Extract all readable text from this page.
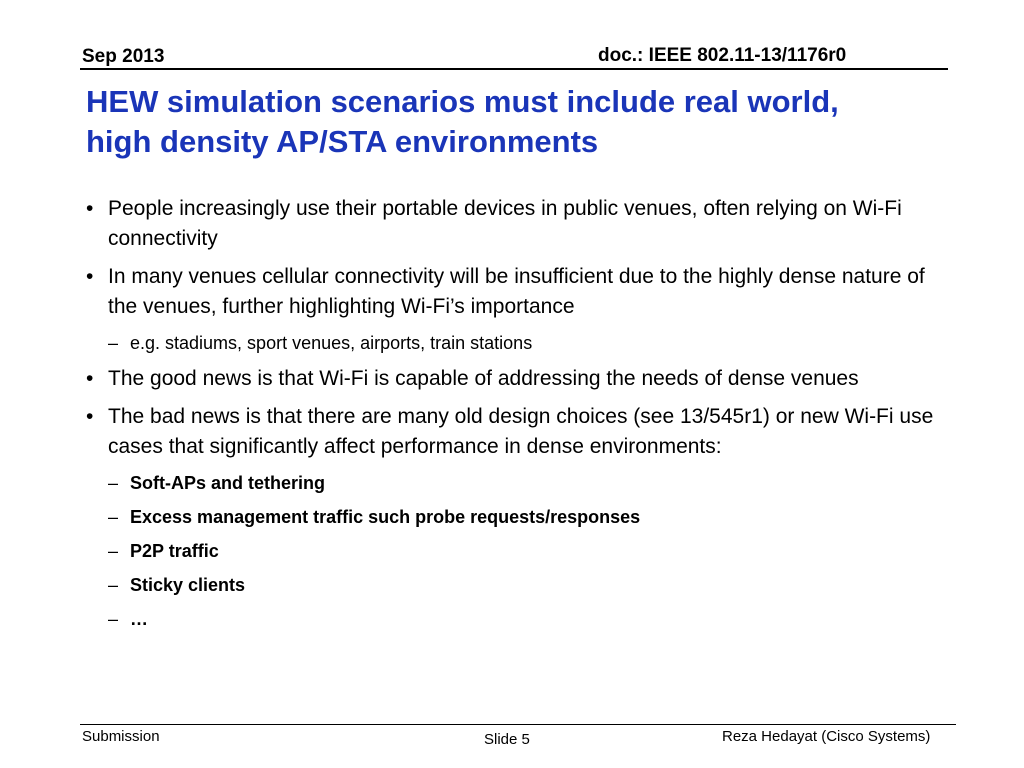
Sep 2013	doc.: IEEE 802.11-13/1176r0
HEW simulation scenarios must include real world,
high density AP/STA environments
• People increasingly use their portable devices in public venues, often relying on Wi-Fi connectivity
• In many venues cellular connectivity will be insufficient due to the highly dense nature of the venues, further highlighting Wi-Fi’s importance
– e.g. stadiums, sport venues, airports, train stations
• The good news is that Wi-Fi is capable of addressing the needs of dense venues
• The bad news is that there are many old design choices (see 13/545r1) or new Wi-Fi use cases that significantly affect performance in dense environments:
– Soft-APs and tethering
– Excess management traffic such probe requests/responses
– P2P traffic
– Sticky clients
– …
Submission	Slide 5	Reza Hedayat (Cisco Systems)
